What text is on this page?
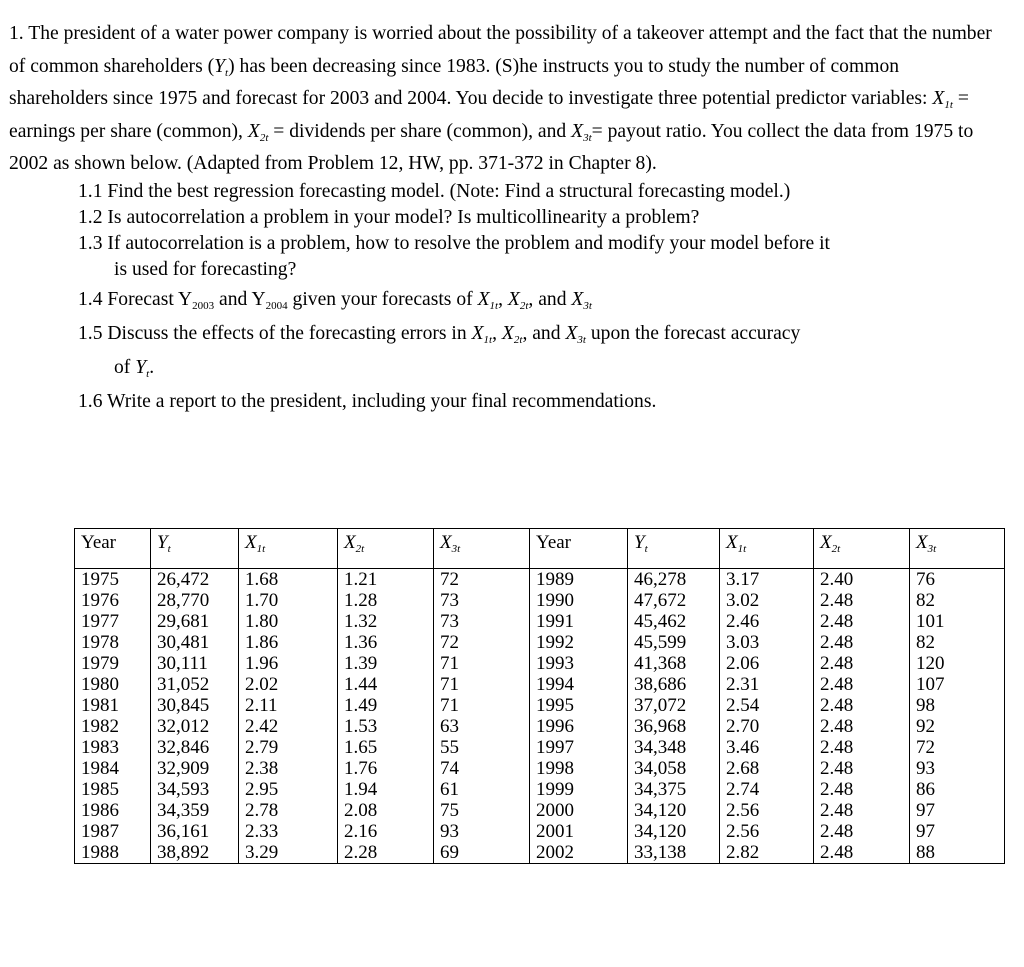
1. The president of a water power company is worried about the possibility of a takeover attempt and the fact that the number of common shareholders $(Y_t)$ has been decreasing since 1983. (S)he instructs you to study the number of common shareholders since 1975 and forecast for 2003 and 2004. You decide to investigate three potential predictor variables: $X_{1t}$ = earnings per share (common), $X_{2t}$ = dividends per share (common), and $X_{3t}=$ payout ratio. You collect the data from 1975 to 2002 as shown below. (Adapted from Problem 12, HW, pp. 371-372 in Chapter 8).

1.1 Find the best regression forecasting model. (Note: Find a structural forecasting model.)

1.2 Is autocorrelation a problem in your model? Is multicollinearity a problem?

1.3 If autocorrelation is a problem, how to resolve the problem and modify your model before it

is used for forecasting?

1.4 Forecast $Y_{2003}$ and $Y_{2004}$ given your forecasts of $X_{1t}$, $X_{2t}$, and $X_{3t}$

1.5 Discuss the effects of the forecasting errors in $X_{1t}$, $X_{2t}$, and $X_{3t}$ upon the forecast accuracy

of $Y_t$.

1.6 Write a report to the president, including your final recommendations.

Year	$Y_t$	$X_{1t}$	$X_{2t}$	$X_{3t}$	Year	$Y_t$	$X_{1t}$	$X_{2t}$	$X_{3t}$
1975	26,472	1.68	1.21	72	1989	46,278	3.17	2.40	76
1976	28,770	1.70	1.28	73	1990	47,672	3.02	2.48	82
1977	29,681	1.80	1.32	73	1991	45,462	2.46	2.48	101
1978	30,481	1.86	1.36	72	1992	45,599	3.03	2.48	82
1979	30,111	1.96	1.39	71	1993	41,368	2.06	2.48	120
1980	31,052	2.02	1.44	71	1994	38,686	2.31	2.48	107
1981	30,845	2.11	1.49	71	1995	37,072	2.54	2.48	98
1982	32,012	2.42	1.53	63	1996	36,968	2.70	2.48	92
1983	32,846	2.79	1.65	55	1997	34,348	3.46	2.48	72
1984	32,909	2.38	1.76	74	1998	34,058	2.68	2.48	93
1985	34,593	2.95	1.94	61	1999	34,375	2.74	2.48	86
1986	34,359	2.78	2.08	75	2000	34,120	2.56	2.48	97
1987	36,161	2.33	2.16	93	2001	34,120	2.56	2.48	97
1988	38,892	3.29	2.28	69	2002	33,138	2.82	2.48	88
